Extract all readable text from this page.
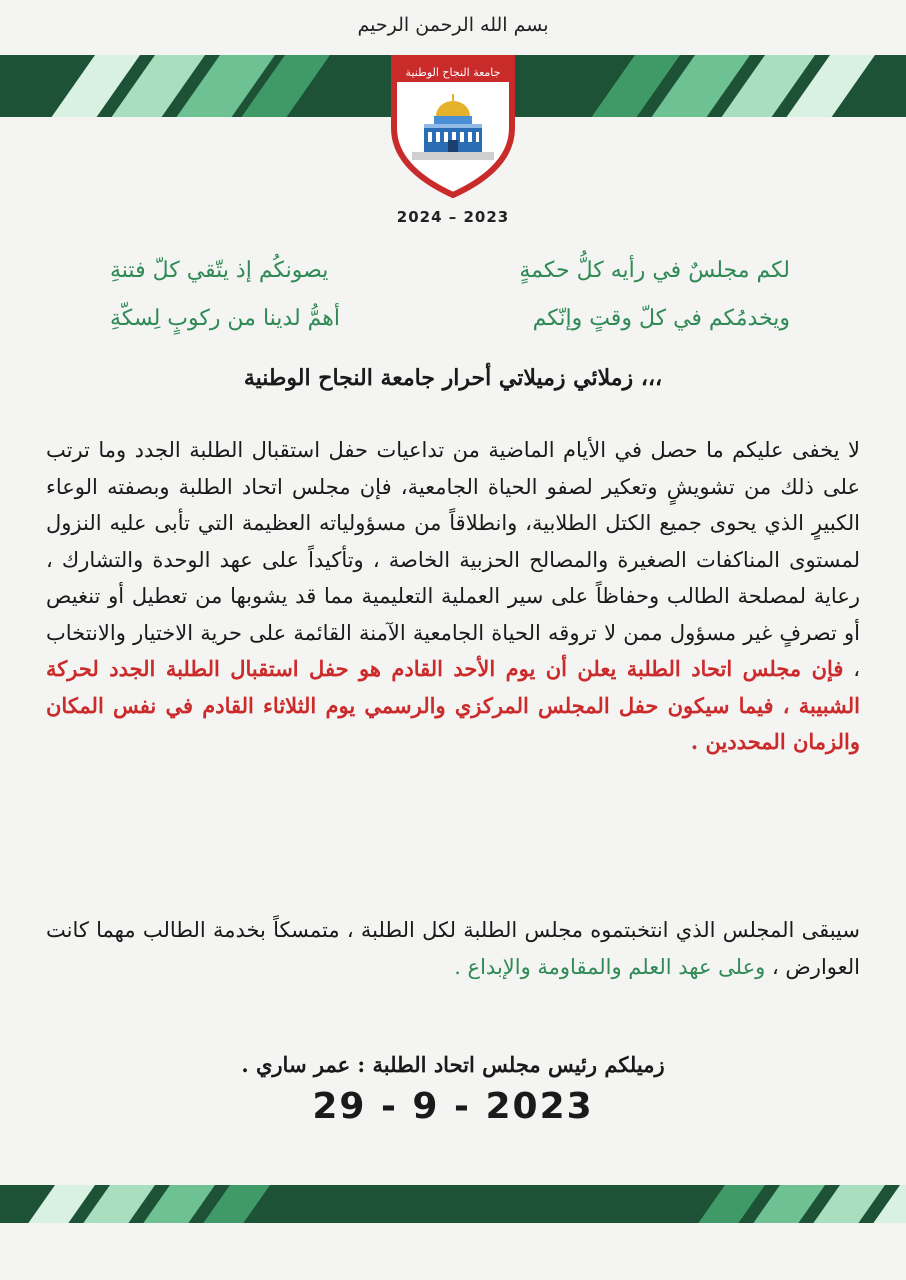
بسم الله الرحمن الرحيم
جامعة النجاح الوطنية
2024 – 2023
لكم مجلسٌ في رأيه كلُّ حكمةٍ
يصونكُم إذ يتّقي كلّ فتنةِ
ويخدمُكم في كلّ وقتٍ وإنّكم
أهمُّ لدينا من ركوبٍ لِسكّةِ
زملائي زميلاتي أحرار جامعة النجاح الوطنية ،،،
لا يخفى عليكم ما حصل في الأيام الماضية من تداعيات حفل استقبال الطلبة الجدد وما ترتب على ذلك من تشويشٍ وتعكير لصفو الحياة الجامعية، فإن مجلس اتحاد الطلبة وبصفته الوعاء الكبيرٍ الذي يحوى جميع الكتل الطلابية، وانطلاقاً من مسؤولياته العظيمة التي تأبى عليه النزول لمستوى المناكفات الصغيرة والمصالح الحزبية الخاصة ، وتأكيداً على عهد الوحدة والتشارك ، رعاية لمصلحة الطالب وحفاظاً على سير العملية التعليمية مما قد يشوبها من تعطيل أو تنغيص أو تصرفٍ غير مسؤول ممن لا تروقه الحياة الجامعية الآمنة القائمة على حرية الاختيار والانتخاب ، فإن مجلس اتحاد الطلبة يعلن أن يوم الأحد القادم هو حفل استقبال الطلبة الجدد لحركة الشبيبة ، فيما سيكون حفل المجلس المركزي والرسمي يوم الثلاثاء القادم في نفس المكان والزمان المحددين .
سيبقى المجلس الذي انتخبتموه مجلس الطلبة لكل الطلبة ، متمسكاً بخدمة الطالب مهما كانت العوارض ، وعلى عهد العلم والمقاومة والإبداع .
زميلكم رئيس مجلس اتحاد الطلبة : عمر ساري .
29 - 9 - 2023
